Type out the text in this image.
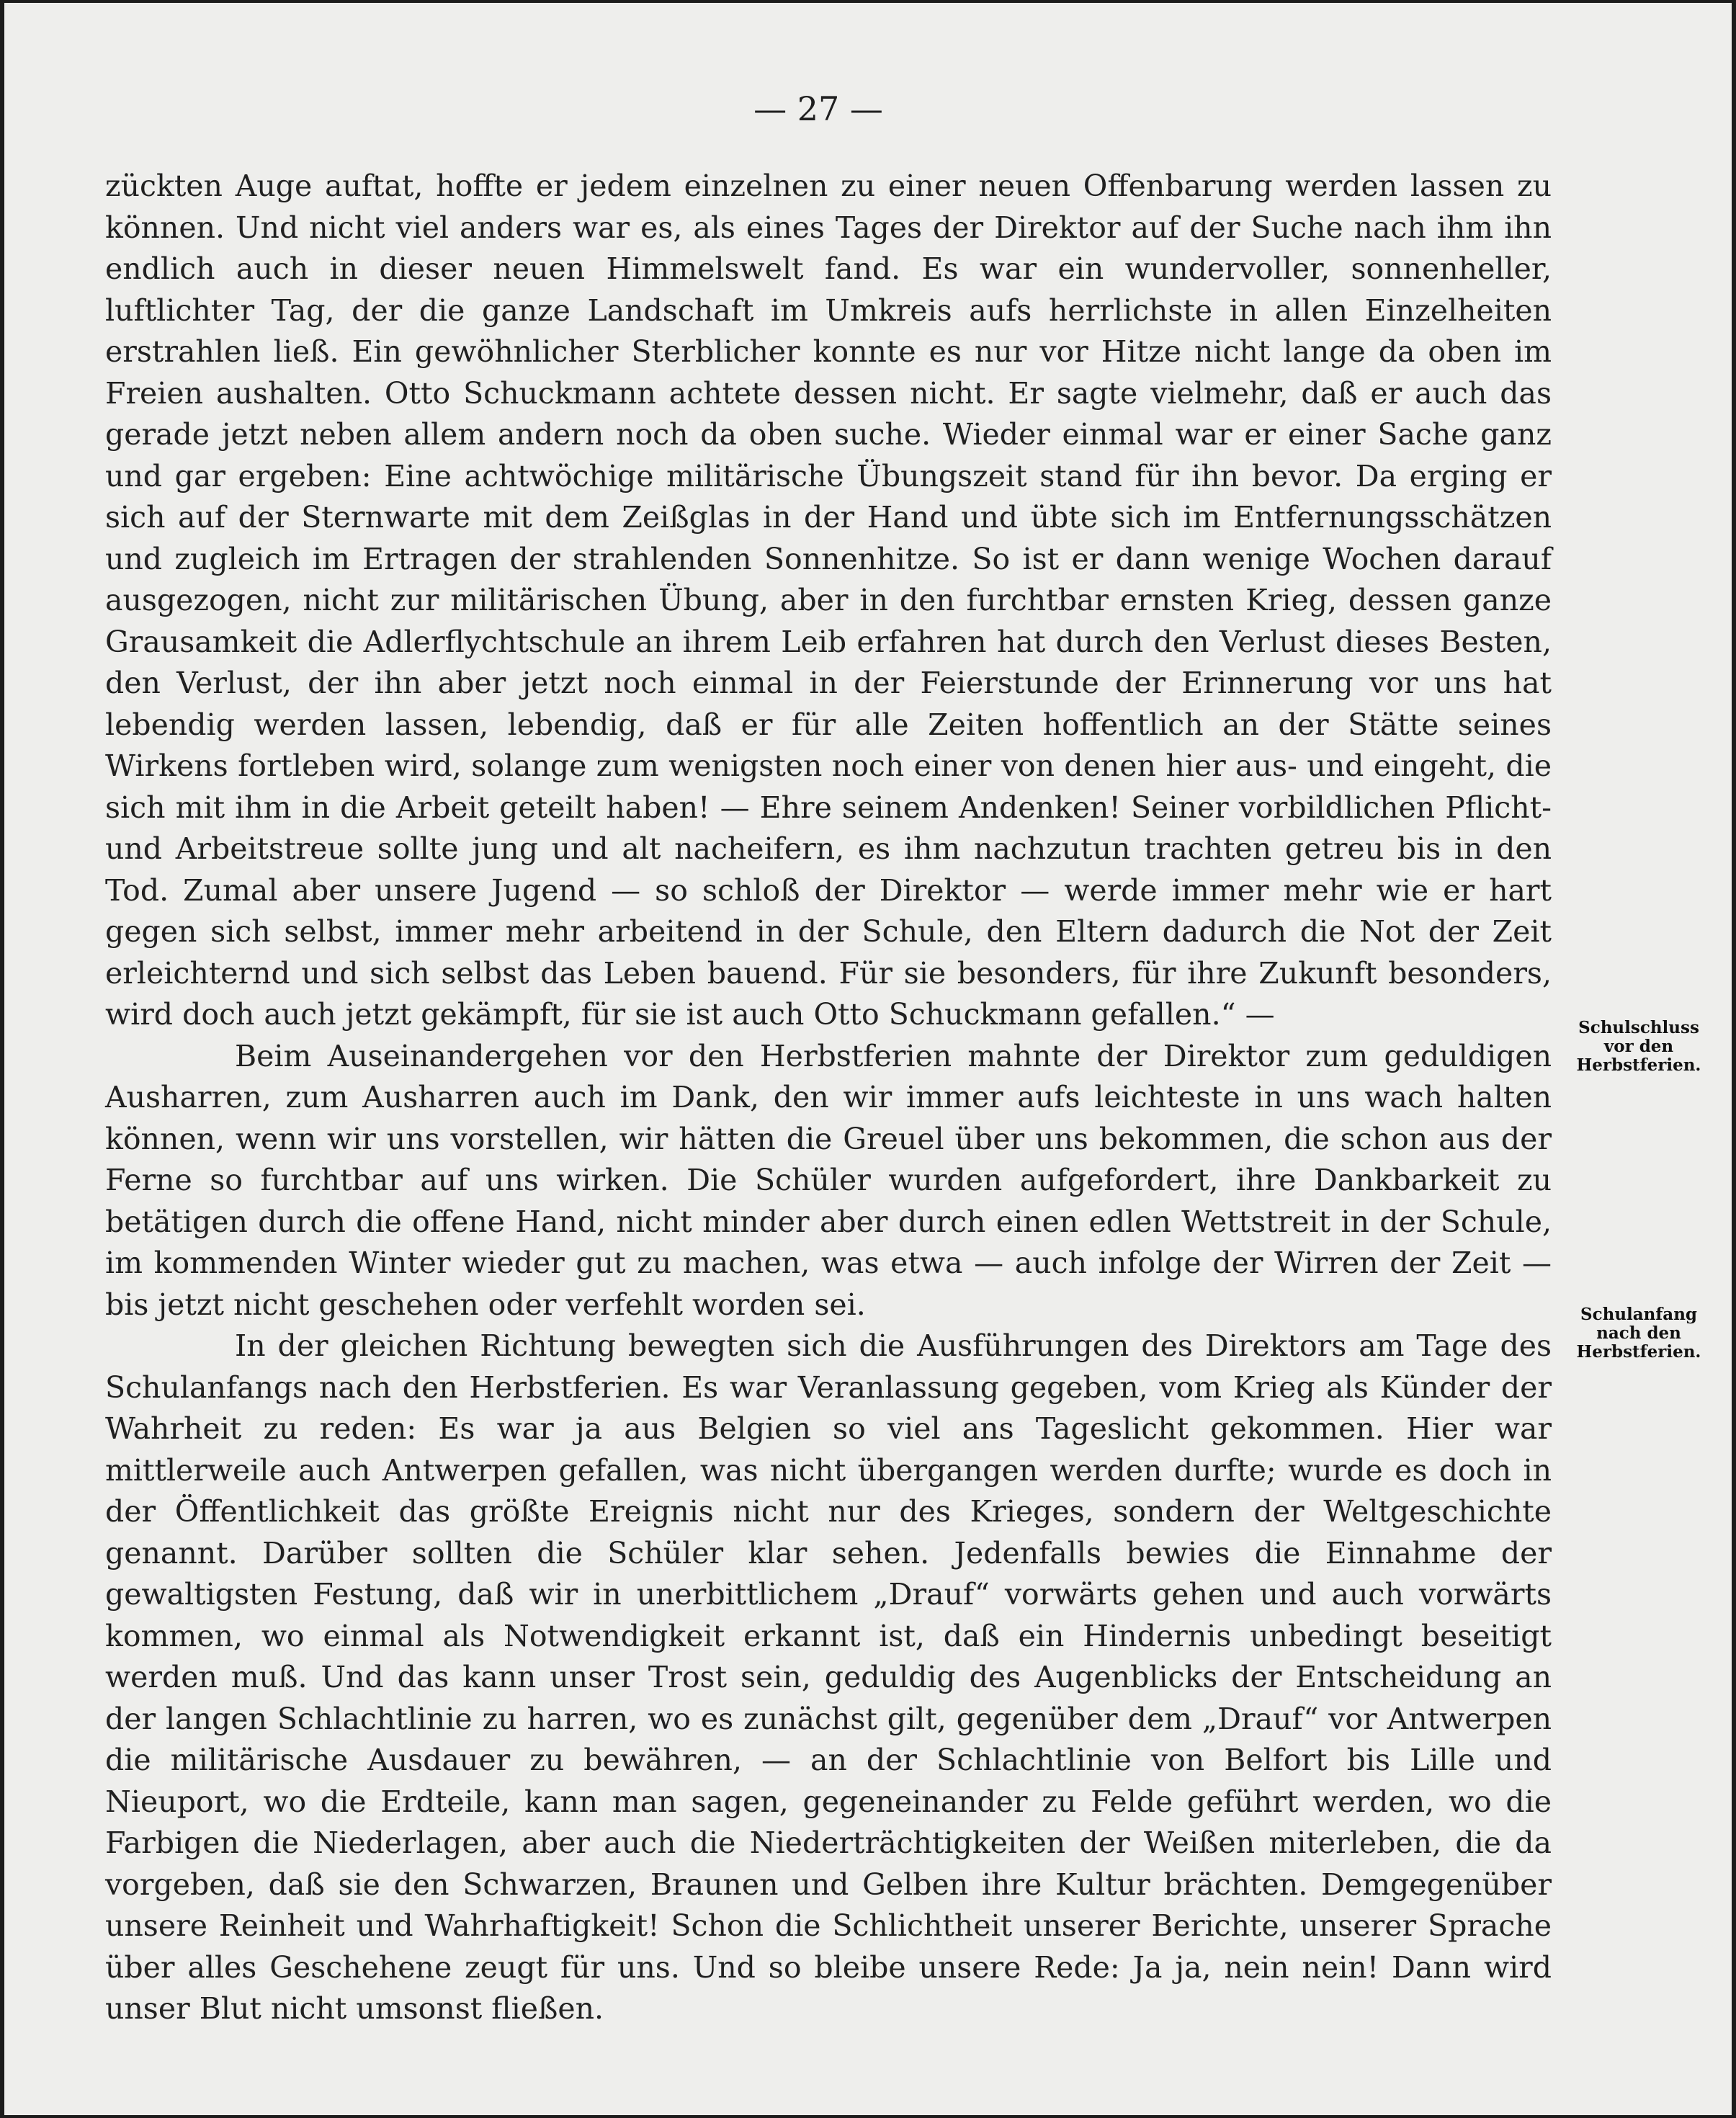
— 27 —

zückten Auge auftat, hoffte er jedem einzelnen zu einer neuen Offenbarung werden lassen zu können. Und nicht viel anders war es, als eines Tages der Direktor auf der Suche nach ihm ihn endlich auch in dieser neuen Himmelswelt fand. Es war ein wundervoller, sonnenheller, luftlichter Tag, der die ganze Landschaft im Umkreis aufs herrlichste in allen Einzelheiten erstrahlen ließ. Ein gewöhnlicher Sterblicher konnte es nur vor Hitze nicht lange da oben im Freien aushalten. Otto Schuckmann achtete dessen nicht. Er sagte vielmehr, daß er auch das gerade jetzt neben allem andern noch da oben suche. Wieder einmal war er einer Sache ganz und gar ergeben: Eine achtwöchige militärische Übungszeit stand für ihn bevor. Da erging er sich auf der Sternwarte mit dem Zeißglas in der Hand und übte sich im Entfernungsschätzen und zugleich im Ertragen der strahlenden Sonnenhitze. So ist er dann wenige Wochen darauf ausgezogen, nicht zur militärischen Übung, aber in den furchtbar ernsten Krieg, dessen ganze Grausamkeit die Adlerflychtschule an ihrem Leib erfahren hat durch den Verlust dieses Besten, den Verlust, der ihn aber jetzt noch einmal in der Feierstunde der Erinnerung vor uns hat lebendig werden lassen, lebendig, daß er für alle Zeiten hoffentlich an der Stätte seines Wirkens fortleben wird, solange zum wenigsten noch einer von denen hier aus- und eingeht, die sich mit ihm in die Arbeit geteilt haben! — Ehre seinem Andenken! Seiner vorbildlichen Pflicht- und Arbeitstreue sollte jung und alt nacheifern, es ihm nachzutun trachten getreu bis in den Tod. Zumal aber unsere Jugend — so schloß der Direktor — werde immer mehr wie er hart gegen sich selbst, immer mehr arbeitend in der Schule, den Eltern dadurch die Not der Zeit erleichternd und sich selbst das Leben bauend. Für sie besonders, für ihre Zukunft besonders, wird doch auch jetzt gekämpft, für sie ist auch Otto Schuckmann gefallen.“ —

Beim Auseinandergehen vor den Herbstferien mahnte der Direktor zum geduldigen Ausharren, zum Ausharren auch im Dank, den wir immer aufs leichteste in uns wach halten können, wenn wir uns vorstellen, wir hätten die Greuel über uns bekommen, die schon aus der Ferne so furchtbar auf uns wirken. Die Schüler wurden aufgefordert, ihre Dankbarkeit zu betätigen durch die offene Hand, nicht minder aber durch einen edlen Wettstreit in der Schule, im kommenden Winter wieder gut zu machen, was etwa — auch infolge der Wirren der Zeit — bis jetzt nicht geschehen oder verfehlt worden sei.

In der gleichen Richtung bewegten sich die Ausführungen des Direktors am Tage des Schulanfangs nach den Herbstferien. Es war Veranlassung gegeben, vom Krieg als Künder der Wahrheit zu reden: Es war ja aus Belgien so viel ans Tageslicht gekommen. Hier war mittlerweile auch Antwerpen gefallen, was nicht übergangen werden durfte; wurde es doch in der Öffentlichkeit das größte Ereignis nicht nur des Krieges, sondern der Weltgeschichte genannt. Darüber sollten die Schüler klar sehen. Jedenfalls bewies die Einnahme der gewaltigsten Festung, daß wir in unerbittlichem „Drauf“ vorwärts gehen und auch vorwärts kommen, wo einmal als Notwendigkeit erkannt ist, daß ein Hindernis unbedingt beseitigt werden muß. Und das kann unser Trost sein, geduldig des Augenblicks der Entscheidung an der langen Schlachtlinie zu harren, wo es zunächst gilt, gegenüber dem „Drauf“ vor Antwerpen die militärische Ausdauer zu bewähren, — an der Schlachtlinie von Belfort bis Lille und Nieuport, wo die Erdteile, kann man sagen, gegeneinander zu Felde geführt werden, wo die Farbigen die Niederlagen, aber auch die Niederträchtigkeiten der Weißen miterleben, die da vorgeben, daß sie den Schwarzen, Braunen und Gelben ihre Kultur brächten. Demgegenüber unsere Reinheit und Wahrhaftigkeit! Schon die Schlichtheit unserer Berichte, unserer Sprache über alles Geschehene zeugt für uns. Und so bleibe unsere Rede: Ja ja, nein nein! Dann wird unser Blut nicht umsonst fließen.

Schulschluss
vor den
Herbstferien.
Schulanfang
nach den
Herbstferien.
